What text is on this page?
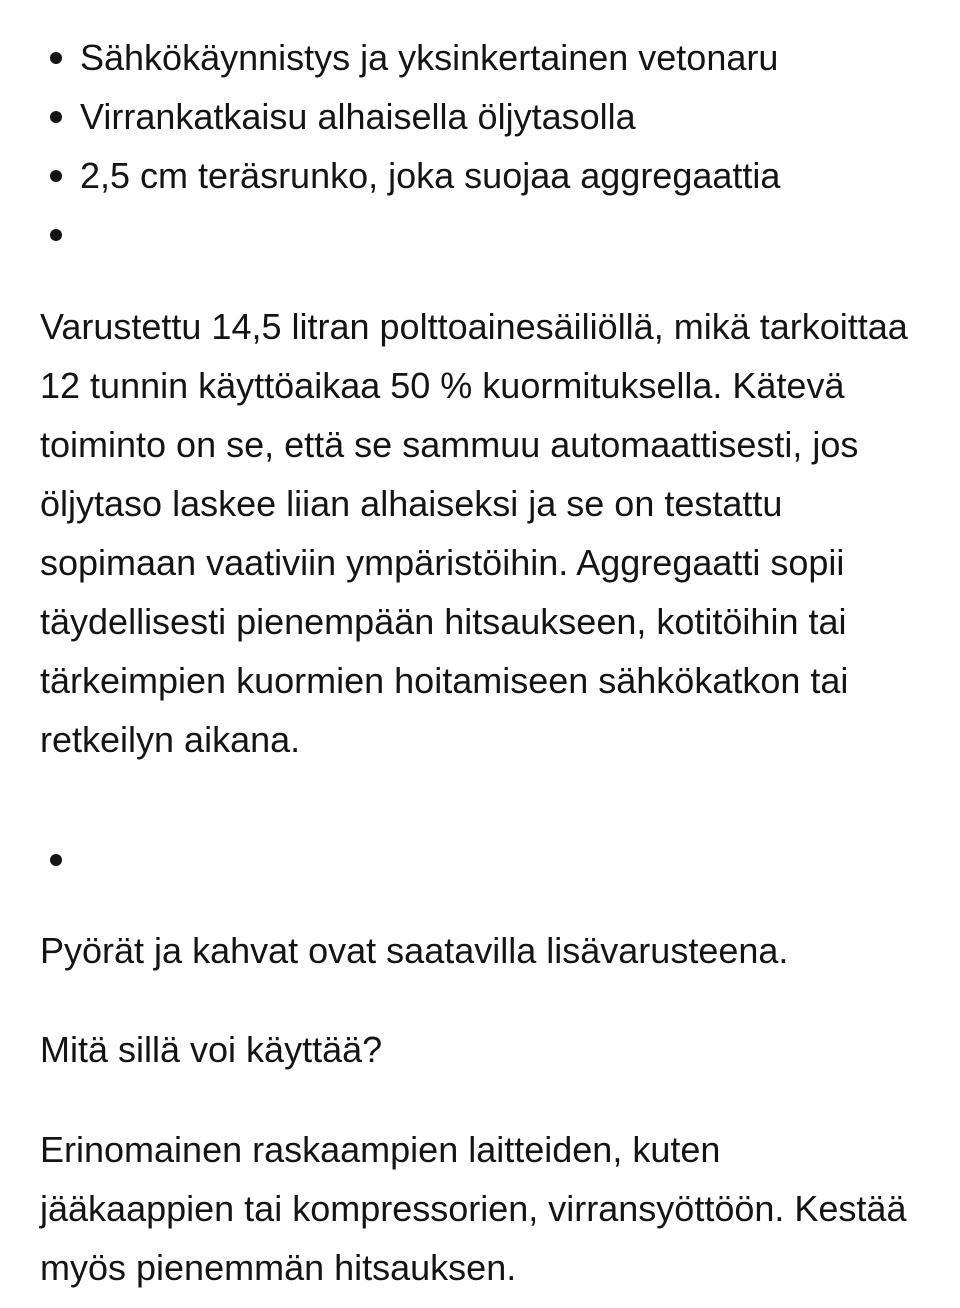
Sähkökäynnistys ja yksinkertainen vetonaru
Virrankatkaisu alhaisella öljytasolla
2,5 cm teräsrunko, joka suojaa aggregaattia

Varustettu 14,5 litran polttoainesäiliöllä, mikä tarkoittaa 12 tunnin käyttöaikaa 50 % kuormituksella. Kätevä toiminto on se, että se sammuu automaattisesti, jos öljytaso laskee liian alhaiseksi ja se on testattu sopimaan vaativiin ympäristöihin. Aggregaatti sopii täydellisesti pienempään hitsaukseen, kotitöihin tai tärkeimpien kuormien hoitamiseen sähkökatkon tai retkeilyn aikana.

Pyörät ja kahvat ovat saatavilla lisävarusteena.

Mitä sillä voi käyttää?

Erinomainen raskaampien laitteiden, kuten jääkaappien tai kompressorien, virransyöttöön. Kestää myös pienemmän hitsauksen.
